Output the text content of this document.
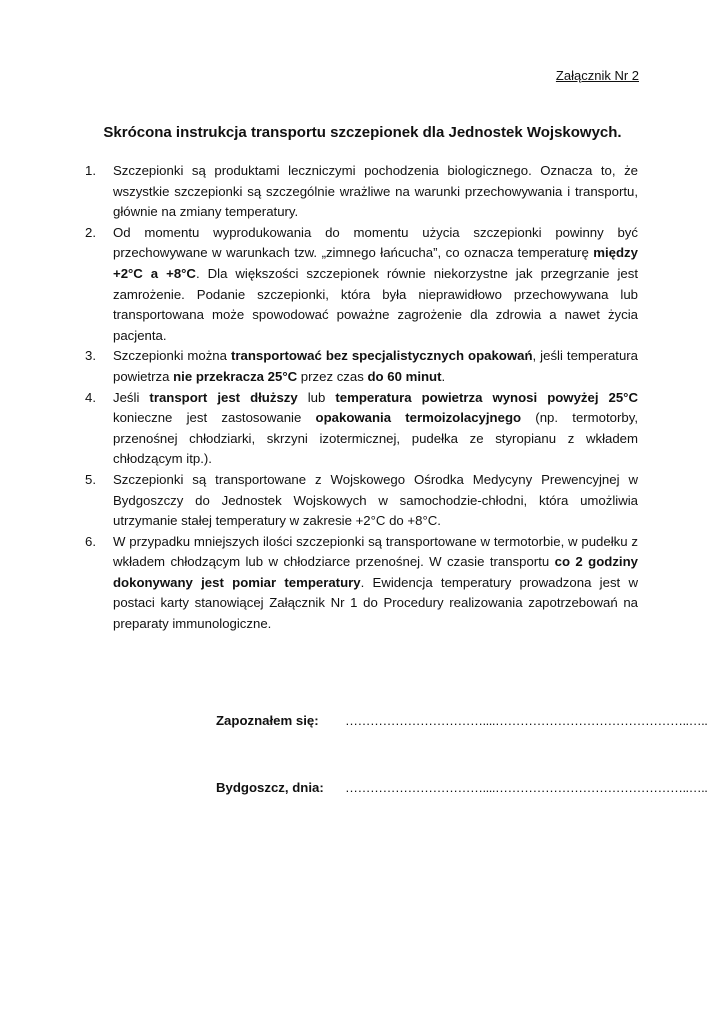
Załącznik Nr 2
Skrócona instrukcja transportu szczepionek dla Jednostek Wojskowych.
1. Szczepionki są produktami leczniczymi pochodzenia biologicznego. Oznacza to, że wszystkie szczepionki są szczególnie wrażliwe na warunki przechowywania i transportu, głównie na zmiany temperatury.
2. Od momentu wyprodukowania do momentu użycia szczepionki powinny być przechowywane w warunkach tzw. „zimnego łańcucha”, co oznacza temperaturę między +2°C a +8°C. Dla większości szczepionek równie niekorzystne jak przegrzanie jest zamrożenie. Podanie szczepionki, która była nieprawidłowo przechowywana lub transportowana może spowodować poważne zagrożenie dla zdrowia a nawet życia pacjenta.
3. Szczepionki można transportować bez specjalistycznych opakowań, jeśli temperatura powietrza nie przekracza 25°C przez czas do 60 minut.
4. Jeśli transport jest dłuższy lub temperatura powietrza wynosi powyżej 25°C konieczne jest zastosowanie opakowania termoizolacyjnego (np. termotorby, przenośnej chłodziarki, skrzyni izotermicznej, pudełka ze styropianu z wkładem chłodzącym itp.).
5. Szczepionki są transportowane z Wojskowego Ośrodka Medycyny Prewencyjnej w Bydgoszczy do Jednostek Wojskowych w samochodzie-chłodni, która umożliwia utrzymanie stałej temperatury w zakresie +2°C do +8°C.
6. W przypadku mniejszych ilości szczepionki są transportowane w termotorbie, w pudełku z wkładem chłodzącym lub w chłodziarce przenośnej. W czasie transportu co 2 godziny dokonywany jest pomiar temperatury. Ewidencja temperatury prowadzona jest w postaci karty stanowiącej Załącznik Nr 1 do Procedury realizowania zapotrzebowań na preparaty immunologiczne.
Zapoznałem się: ……………………………....………………………………………..…..
Bydgoszcz, dnia: ……………………………....………………………………………..…..
